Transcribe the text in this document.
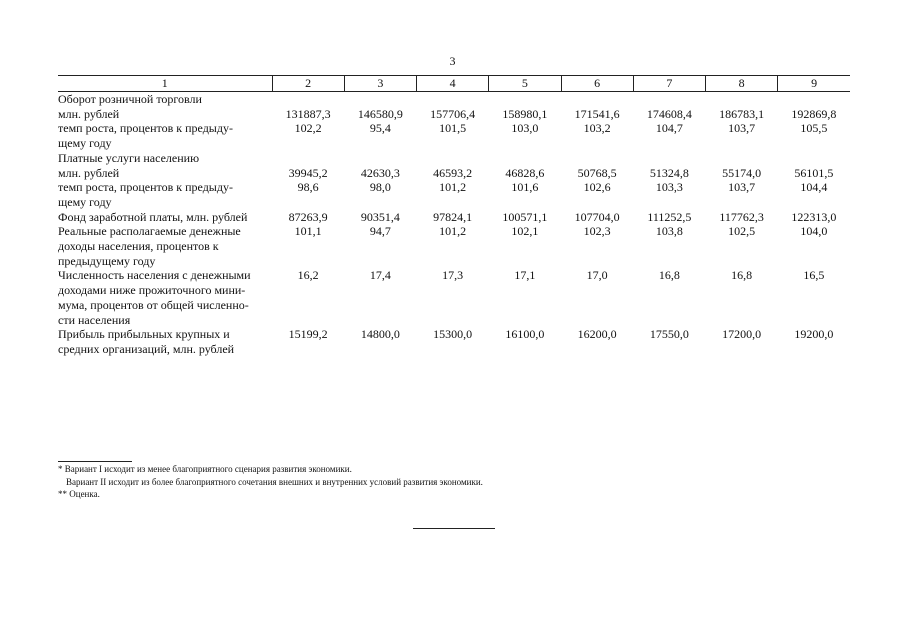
3
1	2	3	4	5	6	7	8	9

Оборот розничной торговли								

млн. рублей	131887,3	146580,9	157706,4	158980,1	171541,6	174608,4	186783,1	192869,8

темп роста, процентов к предыду-
щему году	102,2	95,4	101,5	103,0	103,2	104,7	103,7	105,5

Платные услуги населению								

млн. рублей	39945,2	42630,3	46593,2	46828,6	50768,5	51324,8	55174,0	56101,5

темп роста, процентов к предыду-
щему году	98,6	98,0	101,2	101,6	102,6	103,3	103,7	104,4

Фонд заработной платы, млн. рублей	87263,9	90351,4	97824,1	100571,1	107704,0	111252,5	117762,3	122313,0

Реальные располагаемые денежные
доходы населения, процентов к
предыдущему году	101,1	94,7	101,2	102,1	102,3	103,8	102,5	104,0

Численность населения с денежными
доходами ниже прожиточного мини-
мума, процентов от общей численно-
сти населения	16,2	17,4	17,3	17,1	17,0	16,8	16,8	16,5

Прибыль прибыльных крупных и
средних организаций, млн. рублей	15199,2	14800,0	15300,0	16100,0	16200,0	17550,0	17200,0	19200,0
* Вариант I исходит из менее благоприятного сценария развития экономики.
Вариант II исходит из более благоприятного сочетания внешних и внутренних условий развития экономики.
** Оценка.
